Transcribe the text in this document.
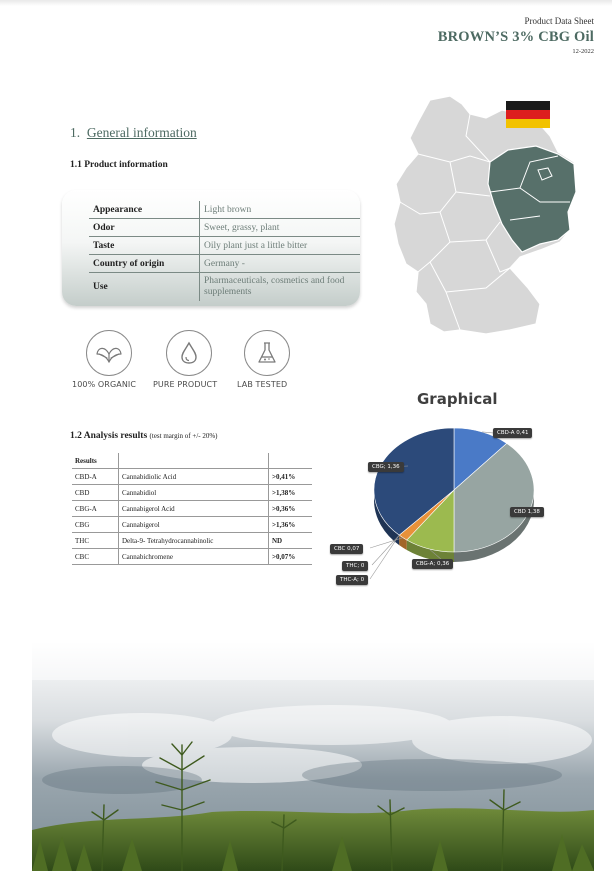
Product Data Sheet
BROWN’S 3% CBG Oil
12-2022
1. General information
1.1 Product information
Appearance	Light brown
Odor	Sweet, grassy, plant
Taste	Oily plant just a little bitter
Country of origin	Germany -
Use	Pharmaceuticals, cosmetics and food supplements
100% ORGANIC PURE PRODUCT LAB TESTED
Graphical
1.2 Analysis results (test margin of +/- 20%)
Results		
CBD-A	Cannabidiolic Acid	>0,41%
CBD	Cannabidiol	>1,38%
CBG-A	Cannabigerol Acid	>0,36%
CBG	Cannabigerol	>1,36%
THC	Delta-9- Tetrahydrocannabinolic	ND
CBC	Cannabichromene	>0,07%
CBD-A 0,41
CBD 1,38
CBG-A; 0,36
CBC 0,07
THC; 0
THC-A; 0
CBG; 1,36
